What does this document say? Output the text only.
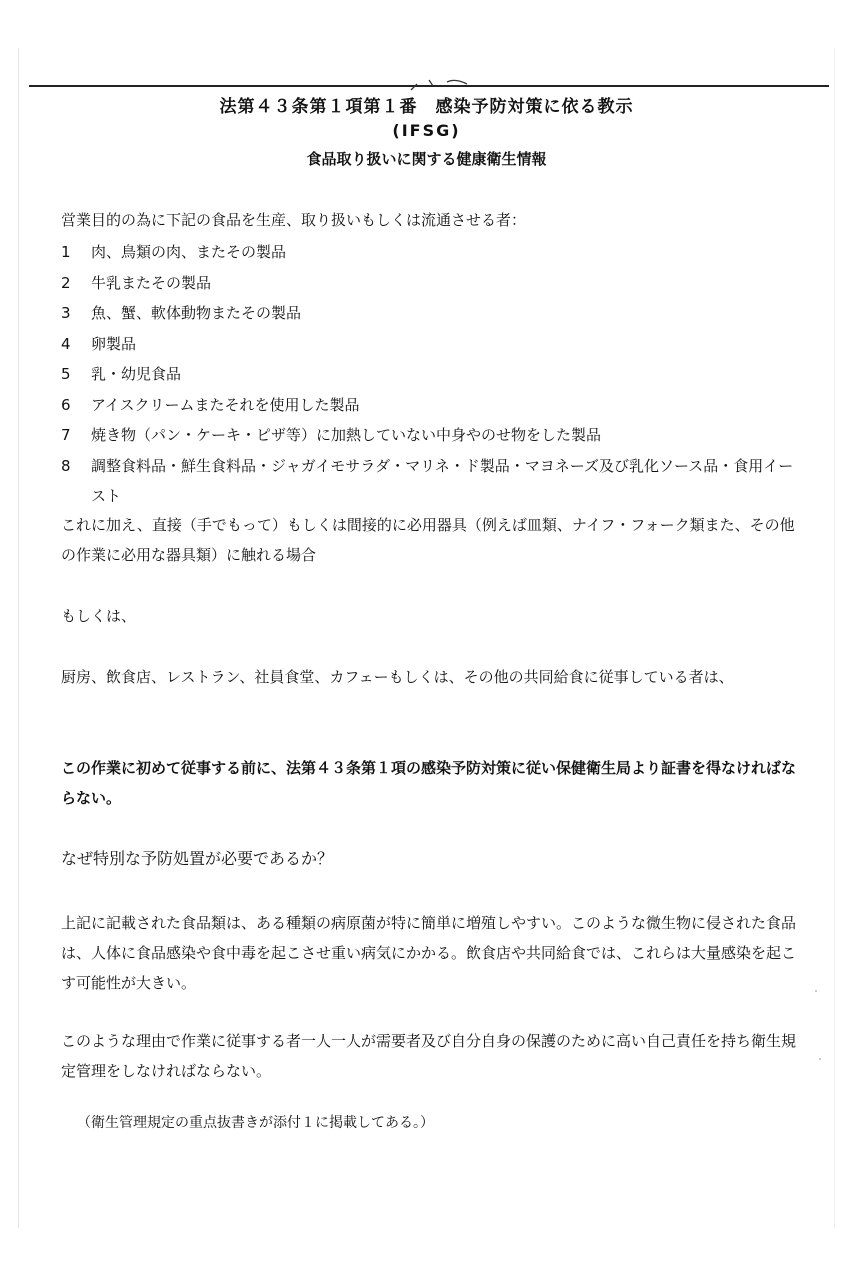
法第４３条第１項第１番　感染予防対策に依る教示
(IFSG)
食品取り扱いに関する健康衛生情報
営業目的の為に下記の食品を生産、取り扱いもしくは流通させる者：
1	肉、鳥類の肉、またその製品
2	牛乳またその製品
3	魚、蟹、軟体動物またその製品
4	卵製品
5	乳・幼児食品
6	アイスクリームまたそれを使用した製品
7	焼き物（パン・ケーキ・ピザ等）に加熱していない中身やのせ物をした製品
8	調整食料品・鮮生食料品・ジャガイモサラダ・マリネ・ド製品・マヨネーズ及び乳化ソース品・食用イースト
これに加え、直接（手でもって）もしくは間接的に必用器具（例えば皿類、ナイフ・フォーク類また、その他の作業に必用な器具類）に触れる場合
もしくは、
厨房、飲食店、レストラン、社員食堂、カフェーもしくは、その他の共同給食に従事している者は、
この作業に初めて従事する前に、法第４３条第１項の感染予防対策に従い保健衛生局より証書を得なければならない。
なぜ特別な予防処置が必要であるか？
上記に記載された食品類は、ある種類の病原菌が特に簡単に増殖しやすい。このような微生物に侵された食品は、人体に食品感染や食中毒を起こさせ重い病気にかかる。飲食店や共同給食では、これらは大量感染を起こす可能性が大きい。
このような理由で作業に従事する者一人一人が需要者及び自分自身の保護のために高い自己責任を持ち衛生規定管理をしなければならない。
（衛生管理規定の重点抜書きが添付１に掲載してある。）
